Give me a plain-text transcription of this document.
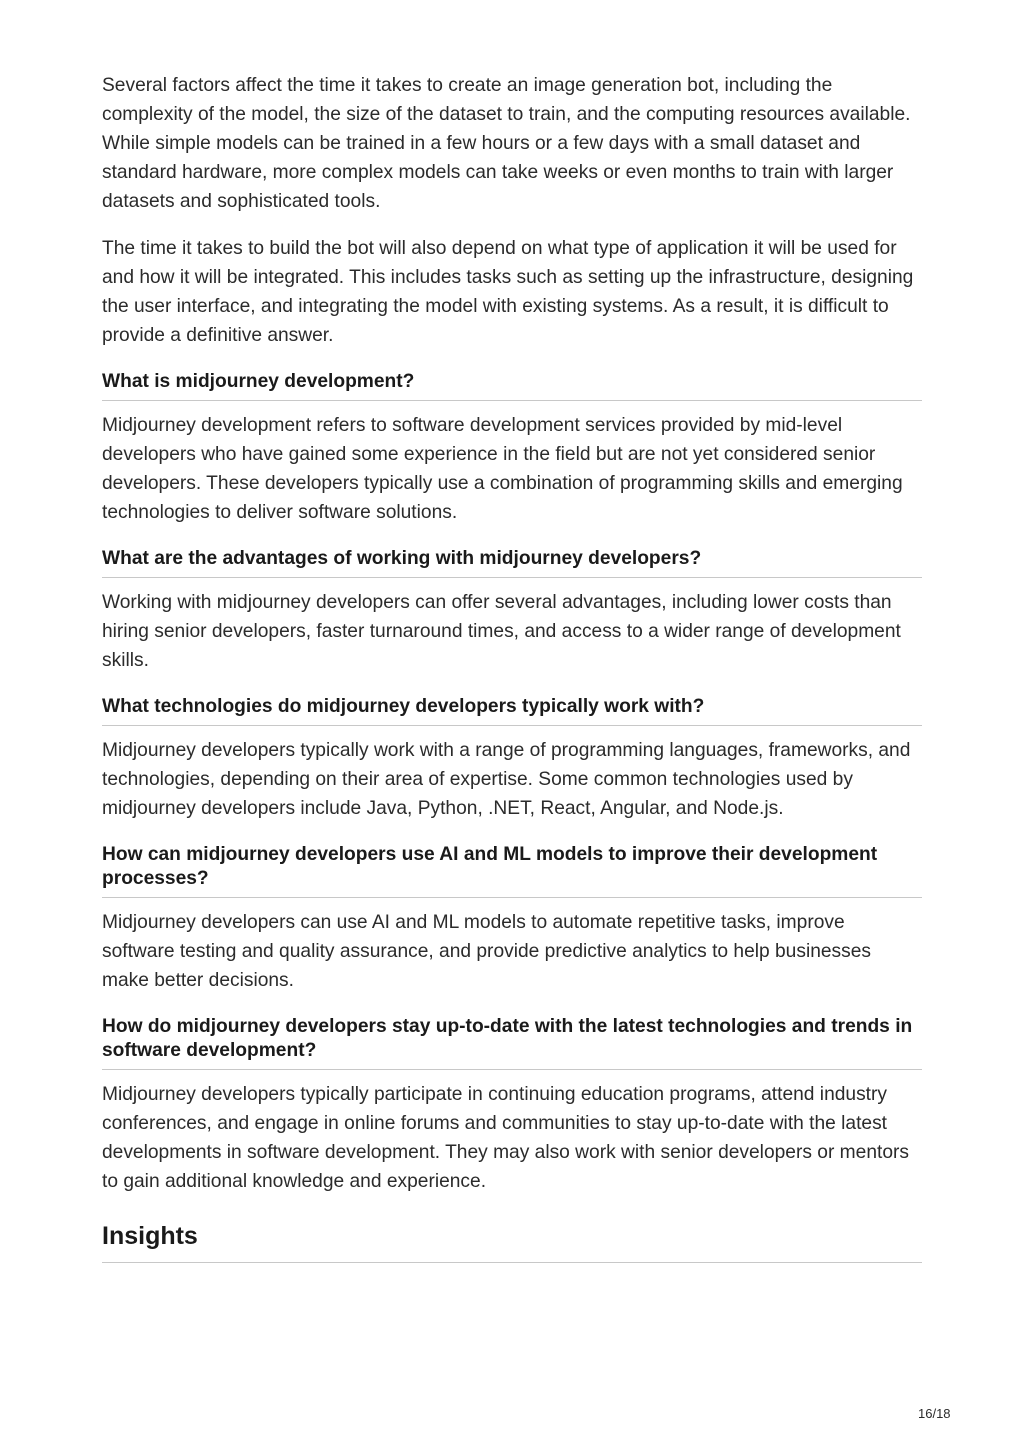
Several factors affect the time it takes to create an image generation bot, including the complexity of the model, the size of the dataset to train, and the computing resources available.

While simple models can be trained in a few hours or a few days with a small dataset and standard hardware, more complex models can take weeks or even months to train with larger datasets and sophisticated tools.

The time it takes to build the bot will also depend on what type of application it will be used for and how it will be integrated. This includes tasks such as setting up the infrastructure, designing the user interface, and integrating the model with existing systems. As a result, it is difficult to provide a definitive answer.

What is midjourney development?

Midjourney development refers to software development services provided by mid-level developers who have gained some experience in the field but are not yet considered senior developers. These developers typically use a combination of programming skills and emerging technologies to deliver software solutions.

What are the advantages of working with midjourney developers?

Working with midjourney developers can offer several advantages, including lower costs than hiring senior developers, faster turnaround times, and access to a wider range of development skills.

What technologies do midjourney developers typically work with?

Midjourney developers typically work with a range of programming languages, frameworks, and technologies, depending on their area of expertise. Some common technologies used by midjourney developers include Java, Python, .NET, React, Angular, and Node.js.

How can midjourney developers use AI and ML models to improve their development processes?

Midjourney developers can use AI and ML models to automate repetitive tasks, improve software testing and quality assurance, and provide predictive analytics to help businesses make better decisions.

How do midjourney developers stay up-to-date with the latest technologies and trends in software development?

Midjourney developers typically participate in continuing education programs, attend industry conferences, and engage in online forums and communities to stay up-to-date with the latest developments in software development. They may also work with senior developers or mentors to gain additional knowledge and experience.

Insights
16/18
